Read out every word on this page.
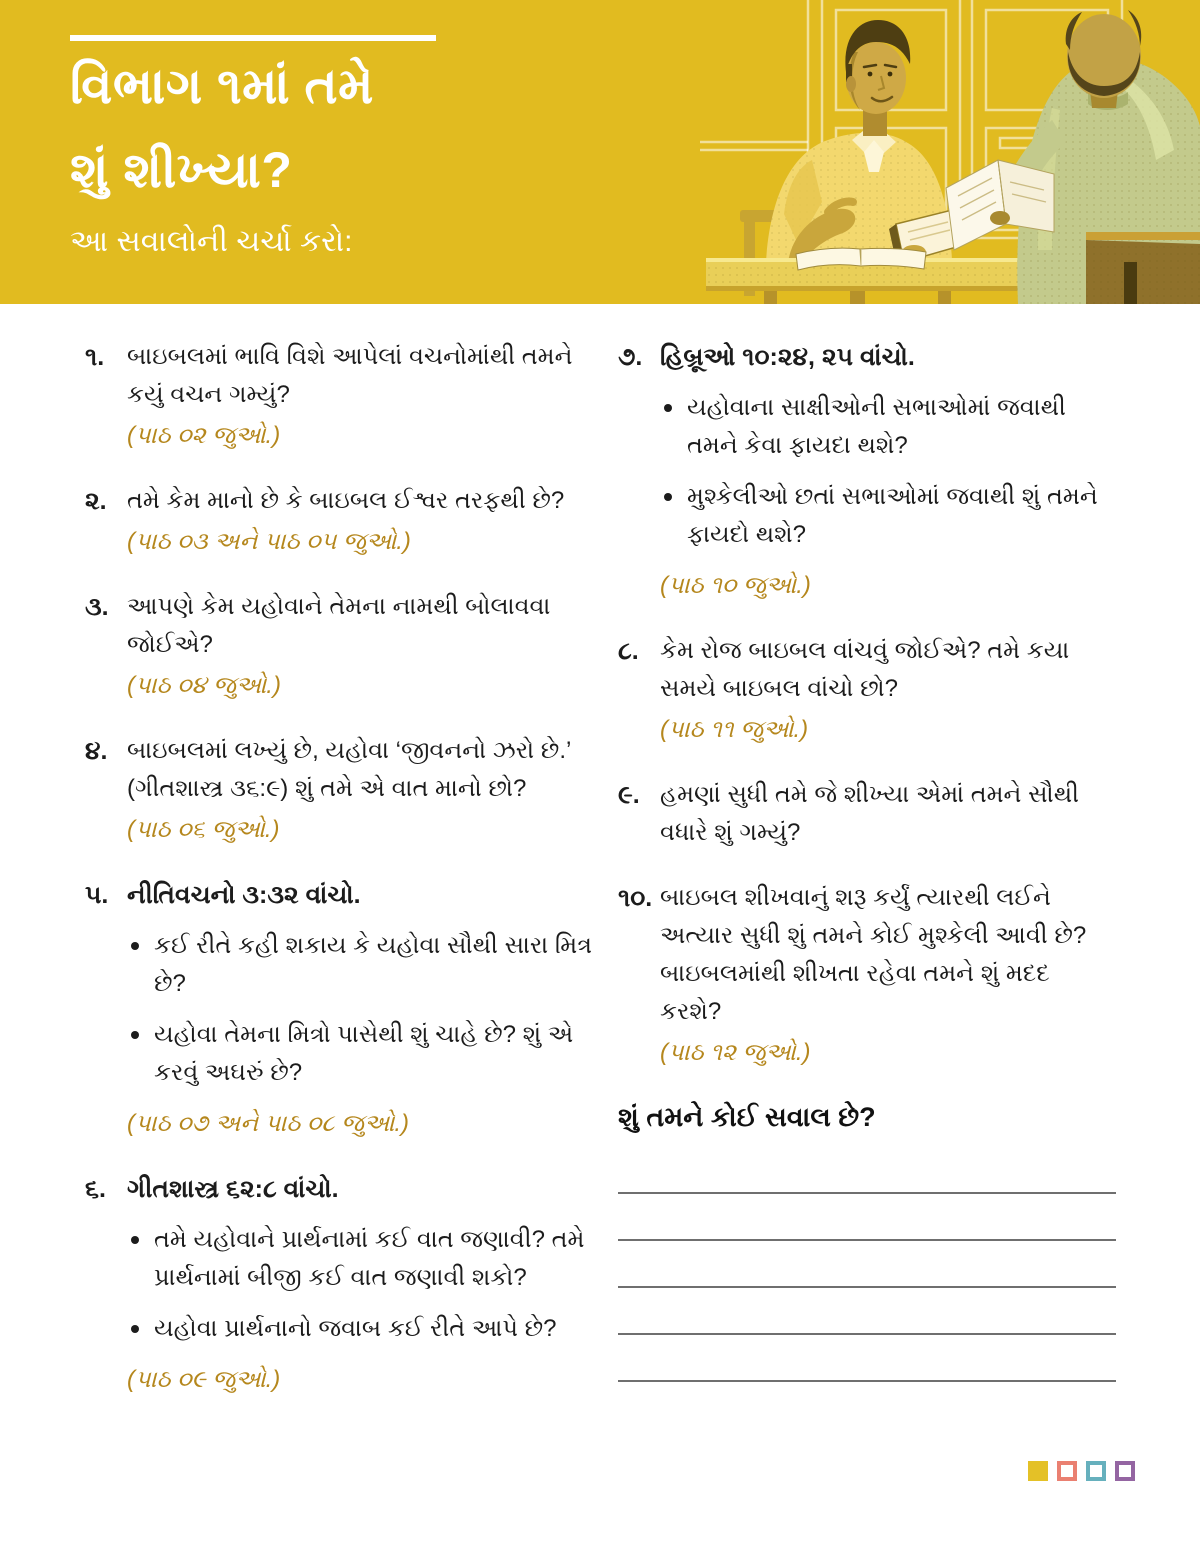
વિભાગ ૧માં તમે
શું શીખ્યા?
આ સવાલોની ચર્ચા કરો:
૧. બાઇબલમાં ભાવિ વિશે આપેલાં વચનોમાંથી તમને કયું વચન ગમ્યું?
(પાઠ ૦૨ જુઓ.)
૨. તમે કેમ માનો છે કે બાઇબલ ઈશ્વર તરફથી છે?
(પાઠ ૦૩ અને પાઠ ૦૫ જુઓ.)
૩. આપણે કેમ યહોવાને તેમના નામથી બોલાવવા જોઈએ?
(પાઠ ૦૪ જુઓ.)
૪. બાઇબલમાં લખ્યું છે, યહોવા ‘જીવનનો ઝરો છે.’ (ગીતશાસ્ત્ર ૩૬:૯) શું તમે એ વાત માનો છો?
(પાઠ ૦૬ જુઓ.)
૫. નીતિવચનો ૩:૩૨ વાંચો.
કઈ રીતે કહી શકાય કે યહોવા સૌથી સારા મિત્ર છે?
યહોવા તેમના મિત્રો પાસેથી શું ચાહે છે? શું એ કરવું અઘરું છે?
(પાઠ ૦૭ અને પાઠ ૦૮ જુઓ.)
૬. ગીતશાસ્ત્ર ૬૨:૮ વાંચો.
તમે યહોવાને પ્રાર્થનામાં કઈ વાત જણાવી? તમે પ્રાર્થનામાં બીજી કઈ વાત જણાવી શકો?
યહોવા પ્રાર્થનાનો જવાબ કઈ રીતે આપે છે?
(પાઠ ૦૯ જુઓ.)
૭. હિબ્રૂઓ ૧૦:૨૪, ૨૫ વાંચો.
યહોવાના સાક્ષીઓની સભાઓમાં જવાથી તમને કેવા ફાયદા થશે?
મુશ્કેલીઓ છતાં સભાઓમાં જવાથી શું તમને ફાયદો થશે?
(પાઠ ૧૦ જુઓ.)
૮. કેમ રોજ બાઇબલ વાંચવું જોઈએ? તમે કયા સમયે બાઇબલ વાંચો છો?
(પાઠ ૧૧ જુઓ.)
૯. હમણાં સુધી તમે જે શીખ્યા એમાં તમને સૌથી વધારે શું ગમ્યું?
૧૦. બાઇબલ શીખવાનું શરૂ કર્યું ત્યારથી લઈને અત્યાર સુધી શું તમને કોઈ મુશ્કેલી આવી છે? બાઇબલમાંથી શીખતા રહેવા તમને શું મદદ કરશે?
(પાઠ ૧૨ જુઓ.)
શું તમને કોઈ સવાલ છે?
